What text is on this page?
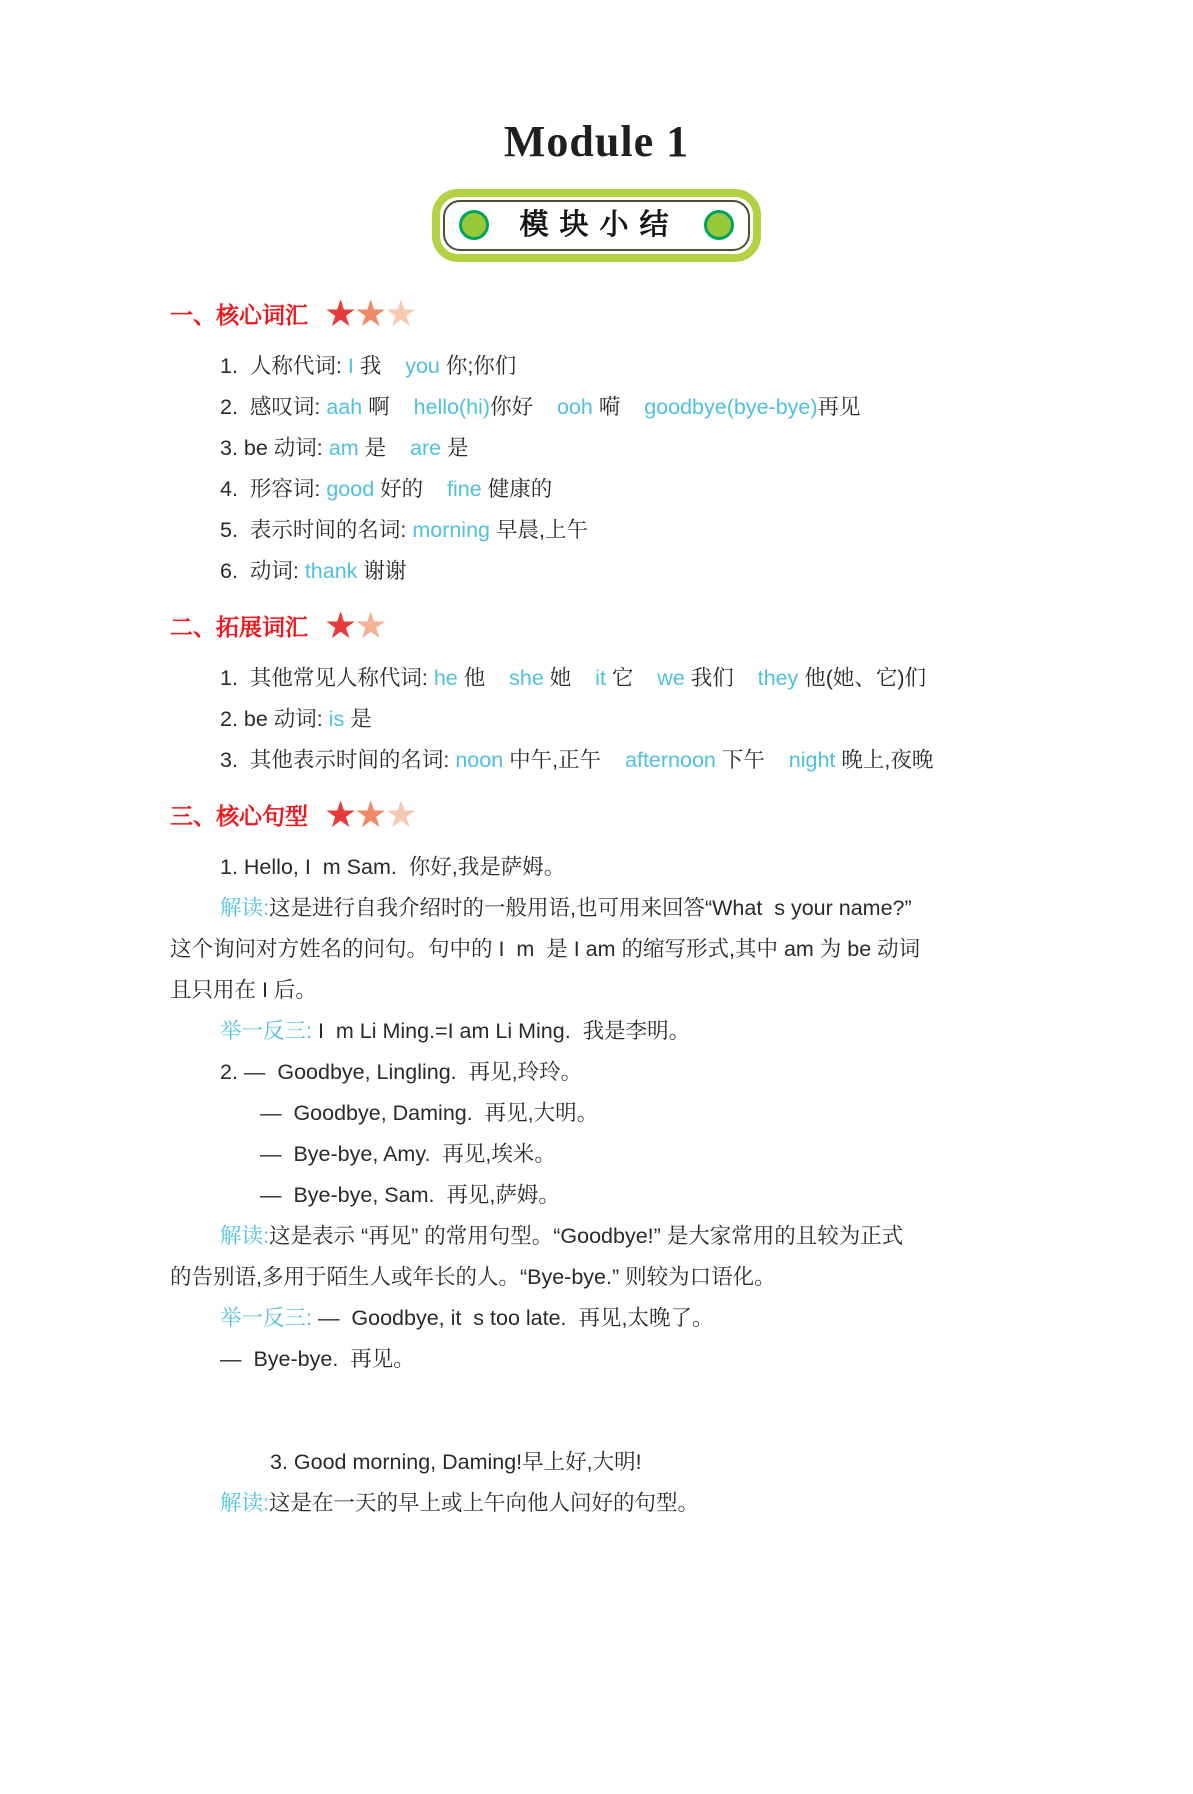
Module 1
模块小结
一、核心词汇 ★
★
★
1.  人称代词: I 我    you 你;你们
2.  感叹词: aah 啊    hello(hi)你好    ooh 嗬    goodbye(bye-bye)再见
3. be 动词: am 是    are 是
4.  形容词: good 好的    fine 健康的
5.  表示时间的名词: morning 早晨,上午
6.  动词: thank 谢谢
二、拓展词汇 ★
★
1.  其他常见人称代词: he 他    she 她    it 它    we 我们    they 他(她、它)们
2. be 动词: is 是
3.  其他表示时间的名词: noon 中午,正午    afternoon 下午    night 晚上,夜晚
三、核心句型 ★
★
★
1. Hello, I  m Sam.  你好,我是萨姆。
解读:这是进行自我介绍时的一般用语,也可用来回答“What  s your name?”
这个询问对方姓名的问句。句中的 I  m  是 I am 的缩写形式,其中 am 为 be 动词
且只用在 I 后。
举一反三: I  m Li Ming.=I am Li Ming.  我是李明。
2. —  Goodbye, Lingling.  再见,玲玲。
—  Goodbye, Daming.  再见,大明。
—  Bye-bye, Amy.  再见,埃米。
—  Bye-bye, Sam.  再见,萨姆。
解读:这是表示 “再见” 的常用句型。“Goodbye!” 是大家常用的且较为正式
的告别语,多用于陌生人或年长的人。“Bye-bye.” 则较为口语化。
举一反三: —  Goodbye, it  s too late.  再见,太晚了。
—  Bye-bye.  再见。
3. Good morning, Daming!早上好,大明!
解读:这是在一天的早上或上午向他人问好的句型。
